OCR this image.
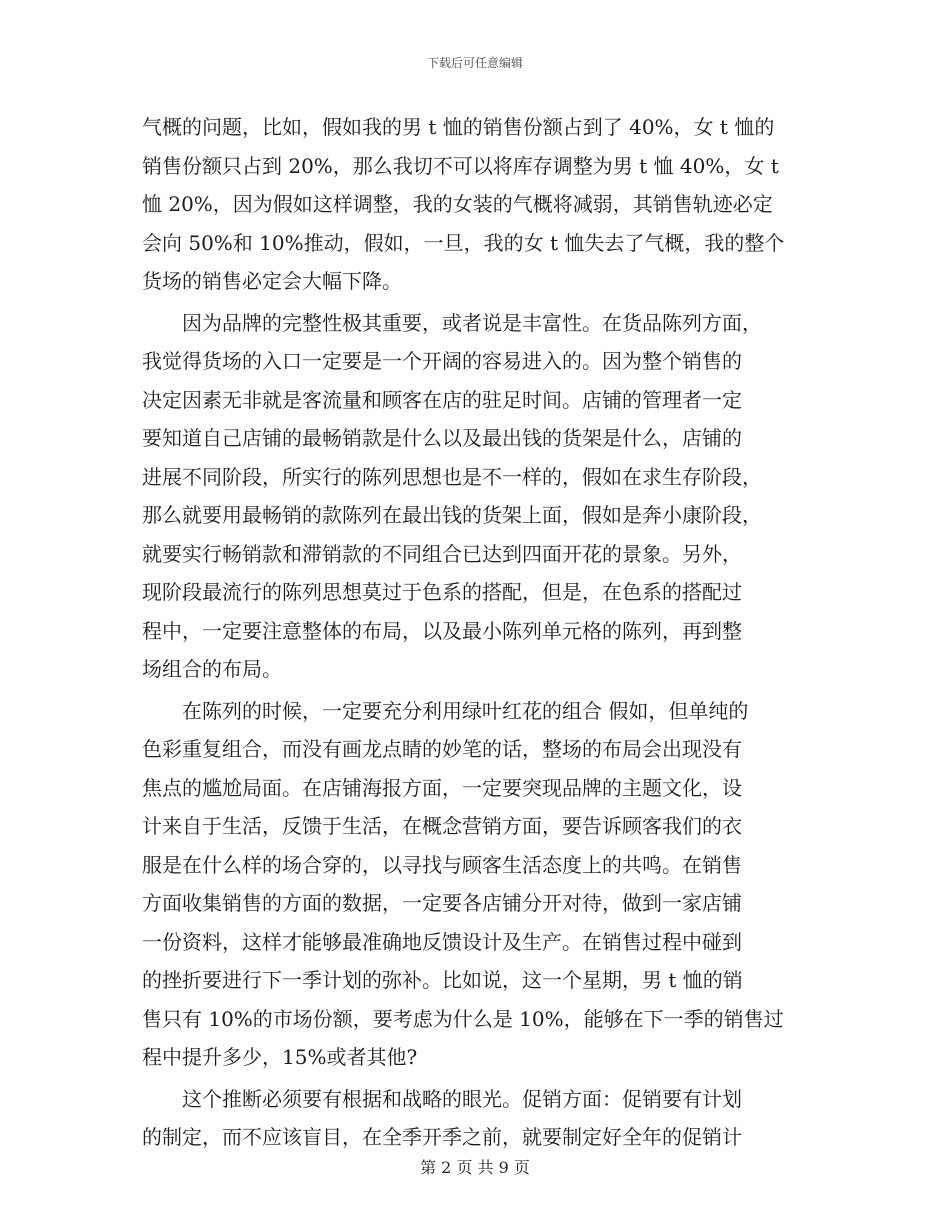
下载后可任意编辑
气概的问题，比如，假如我的男 t 恤的销售份额占到了 40%，女 t 恤的
销售份额只占到 20%，那么我切不可以将库存调整为男 t 恤 40%，女 t
恤 20%，因为假如这样调整，我的女装的气概将减弱，其销售轨迹必定
会向 50%和 10%推动，假如，一旦，我的女 t 恤失去了气概，我的整个
货场的销售必定会大幅下降。
　　因为品牌的完整性极其重要，或者说是丰富性。在货品陈列方面，
我觉得货场的入口一定要是一个开阔的容易进入的。因为整个销售的
决定因素无非就是客流量和顾客在店的驻足时间。店铺的管理者一定
要知道自己店铺的最畅销款是什么以及最出钱的货架是什么，店铺的
进展不同阶段，所实行的陈列思想也是不一样的，假如在求生存阶段，
那么就要用最畅销的款陈列在最出钱的货架上面，假如是奔小康阶段，
就要实行畅销款和滞销款的不同组合已达到四面开花的景象。另外，
现阶段最流行的陈列思想莫过于色系的搭配，但是，在色系的搭配过
程中，一定要注意整体的布局，以及最小陈列单元格的陈列，再到整
场组合的布局。
　　在陈列的时候，一定要充分利用绿叶红花的组合 假如，但单纯的
色彩重复组合，而没有画龙点睛的妙笔的话，整场的布局会出现没有
焦点的尴尬局面。在店铺海报方面，一定要突现品牌的主题文化，设
计来自于生活，反馈于生活，在概念营销方面，要告诉顾客我们的衣
服是在什么样的场合穿的，以寻找与顾客生活态度上的共鸣。在销售
方面收集销售的方面的数据，一定要各店铺分开对待，做到一家店铺
一份资料，这样才能够最准确地反馈设计及生产。在销售过程中碰到
的挫折要进行下一季计划的弥补。比如说，这一个星期，男 t 恤的销
售只有 10%的市场份额，要考虑为什么是 10%，能够在下一季的销售过
程中提升多少，15%或者其他?
　　这个推断必须要有根据和战略的眼光。促销方面：促销要有计划
的制定，而不应该盲目，在全季开季之前，就要制定好全年的促销计
第 2 页 共 9 页
